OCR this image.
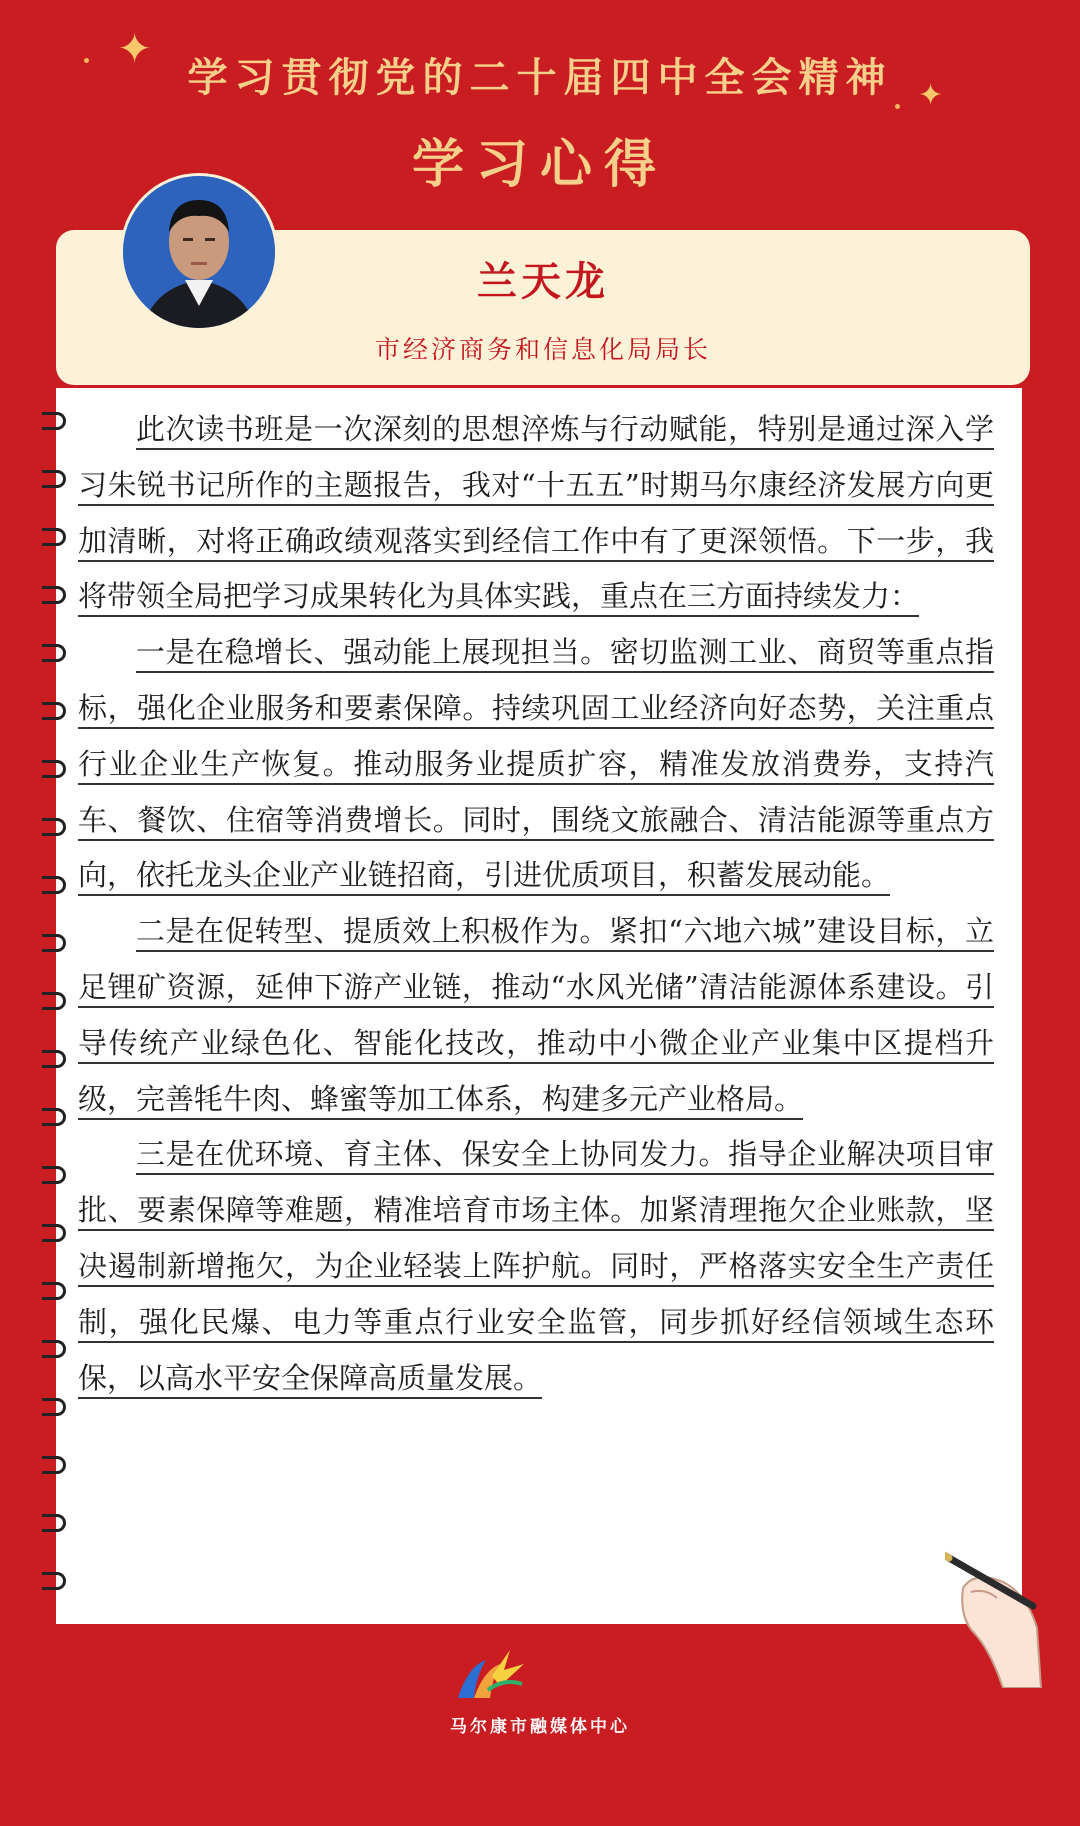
✦
✦
学习贯彻党的二十届四中全会精神
学习心得
兰天龙
市经济商务和信息化局局长

此次读书班是一次深刻的思想淬炼与行动赋能，特别是通过深入学习朱锐书记所作的主题报告，我对“十五五”时期马尔康经济发展方向更加清晰，对将正确政绩观落实到经信工作中有了更深领悟。下一步，我将带领全局把学习成果转化为具体实践，重点在三方面持续发力：

一是在稳增长、强动能上展现担当。密切监测工业、商贸等重点指标，强化企业服务和要素保障。持续巩固工业经济向好态势，关注重点行业企业生产恢复。推动服务业提质扩容，精准发放消费券，支持汽车、餐饮、住宿等消费增长。同时，围绕文旅融合、清洁能源等重点方向，依托龙头企业产业链招商，引进优质项目，积蓄发展动能。

二是在促转型、提质效上积极作为。紧扣“六地六城”建设目标，立足锂矿资源，延伸下游产业链，推动“水风光储”清洁能源体系建设。引导传统产业绿色化、智能化技改，推动中小微企业产业集中区提档升级，完善牦牛肉、蜂蜜等加工体系，构建多元产业格局。

三是在优环境、育主体、保安全上协同发力。指导企业解决项目审批、要素保障等难题，精准培育市场主体。加紧清理拖欠企业账款，坚决遏制新增拖欠，为企业轻装上阵护航。同时，严格落实安全生产责任制，强化民爆、电力等重点行业安全监管，同步抓好经信领域生态环保，以高水平安全保障高质量发展。

马尔康市融媒体中心
